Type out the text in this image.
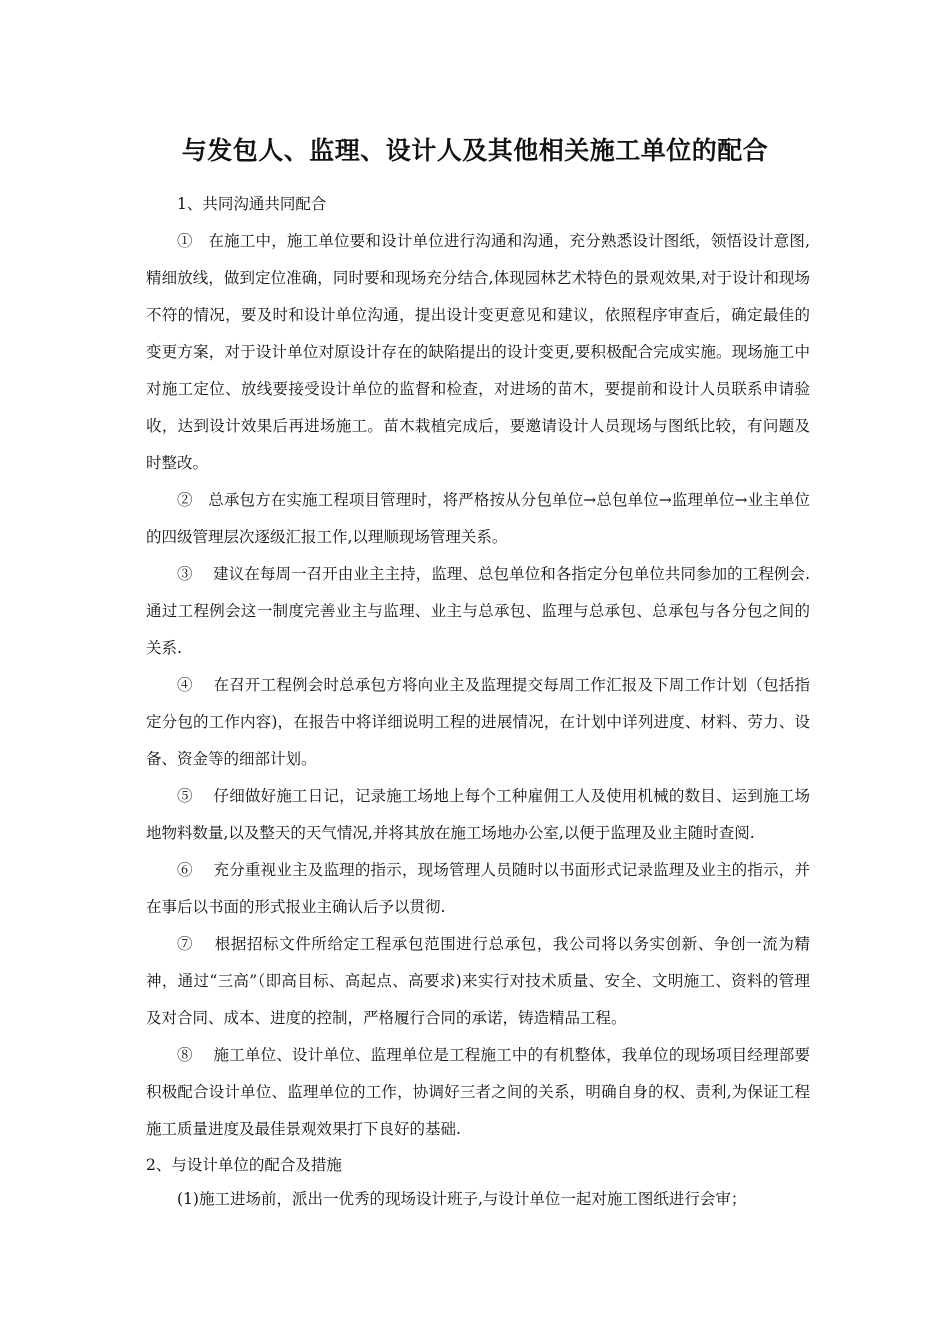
与发包人、监理、设计人及其他相关施工单位的配合

1、共同沟通共同配合

①　在施工中，施工单位要和设计单位进行沟通和沟通，充分熟悉设计图纸，领悟设计意图,精细放线，做到定位准确，同时要和现场充分结合,体现园林艺术特色的景观效果,对于设计和现场不符的情况，要及时和设计单位沟通，提出设计变更意见和建议，依照程序审查后，确定最佳的变更方案，对于设计单位对原设计存在的缺陷提出的设计变更,要积极配合完成实施。现场施工中对施工定位、放线要接受设计单位的监督和检查，对进场的苗木，要提前和设计人员联系申请验收，达到设计效果后再进场施工。苗木栽植完成后，要邀请设计人员现场与图纸比较，有问题及时整改。

②　总承包方在实施工程项目管理时，将严格按从分包单位→总包单位→监理单位→业主单位的四级管理层次逐级汇报工作,以理顺现场管理关系。

③　 建议在每周一召开由业主主持，监理、总包单位和各指定分包单位共同参加的工程例会.通过工程例会这一制度完善业主与监理、业主与总承包、监理与总承包、总承包与各分包之间的关系.

④　 在召开工程例会时总承包方将向业主及监理提交每周工作汇报及下周工作计划（包括指定分包的工作内容)，在报告中将详细说明工程的进展情况，在计划中详列进度、材料、劳力、设备、资金等的细部计划。

⑤　 仔细做好施工日记，记录施工场地上每个工种雇佣工人及使用机械的数目、运到施工场地物料数量,以及整天的天气情况,并将其放在施工场地办公室,以便于监理及业主随时查阅.

⑥　 充分重视业主及监理的指示，现场管理人员随时以书面形式记录监理及业主的指示，并在事后以书面的形式报业主确认后予以贯彻.

⑦　 根据招标文件所给定工程承包范围进行总承包，我公司将以务实创新、争创一流为精神，通过“三高”（即高目标、高起点、高要求)来实行对技术质量、安全、文明施工、资料的管理及对合同、成本、进度的控制，严格履行合同的承诺，铸造精品工程。

⑧　 施工单位、设计单位、监理单位是工程施工中的有机整体，我单位的现场项目经理部要积极配合设计单位、监理单位的工作，协调好三者之间的关系，明确自身的权、责利,为保证工程施工质量进度及最佳景观效果打下良好的基础.

2、与设计单位的配合及措施

(1)施工进场前，派出一优秀的现场设计班子,与设计单位一起对施工图纸进行会审；
